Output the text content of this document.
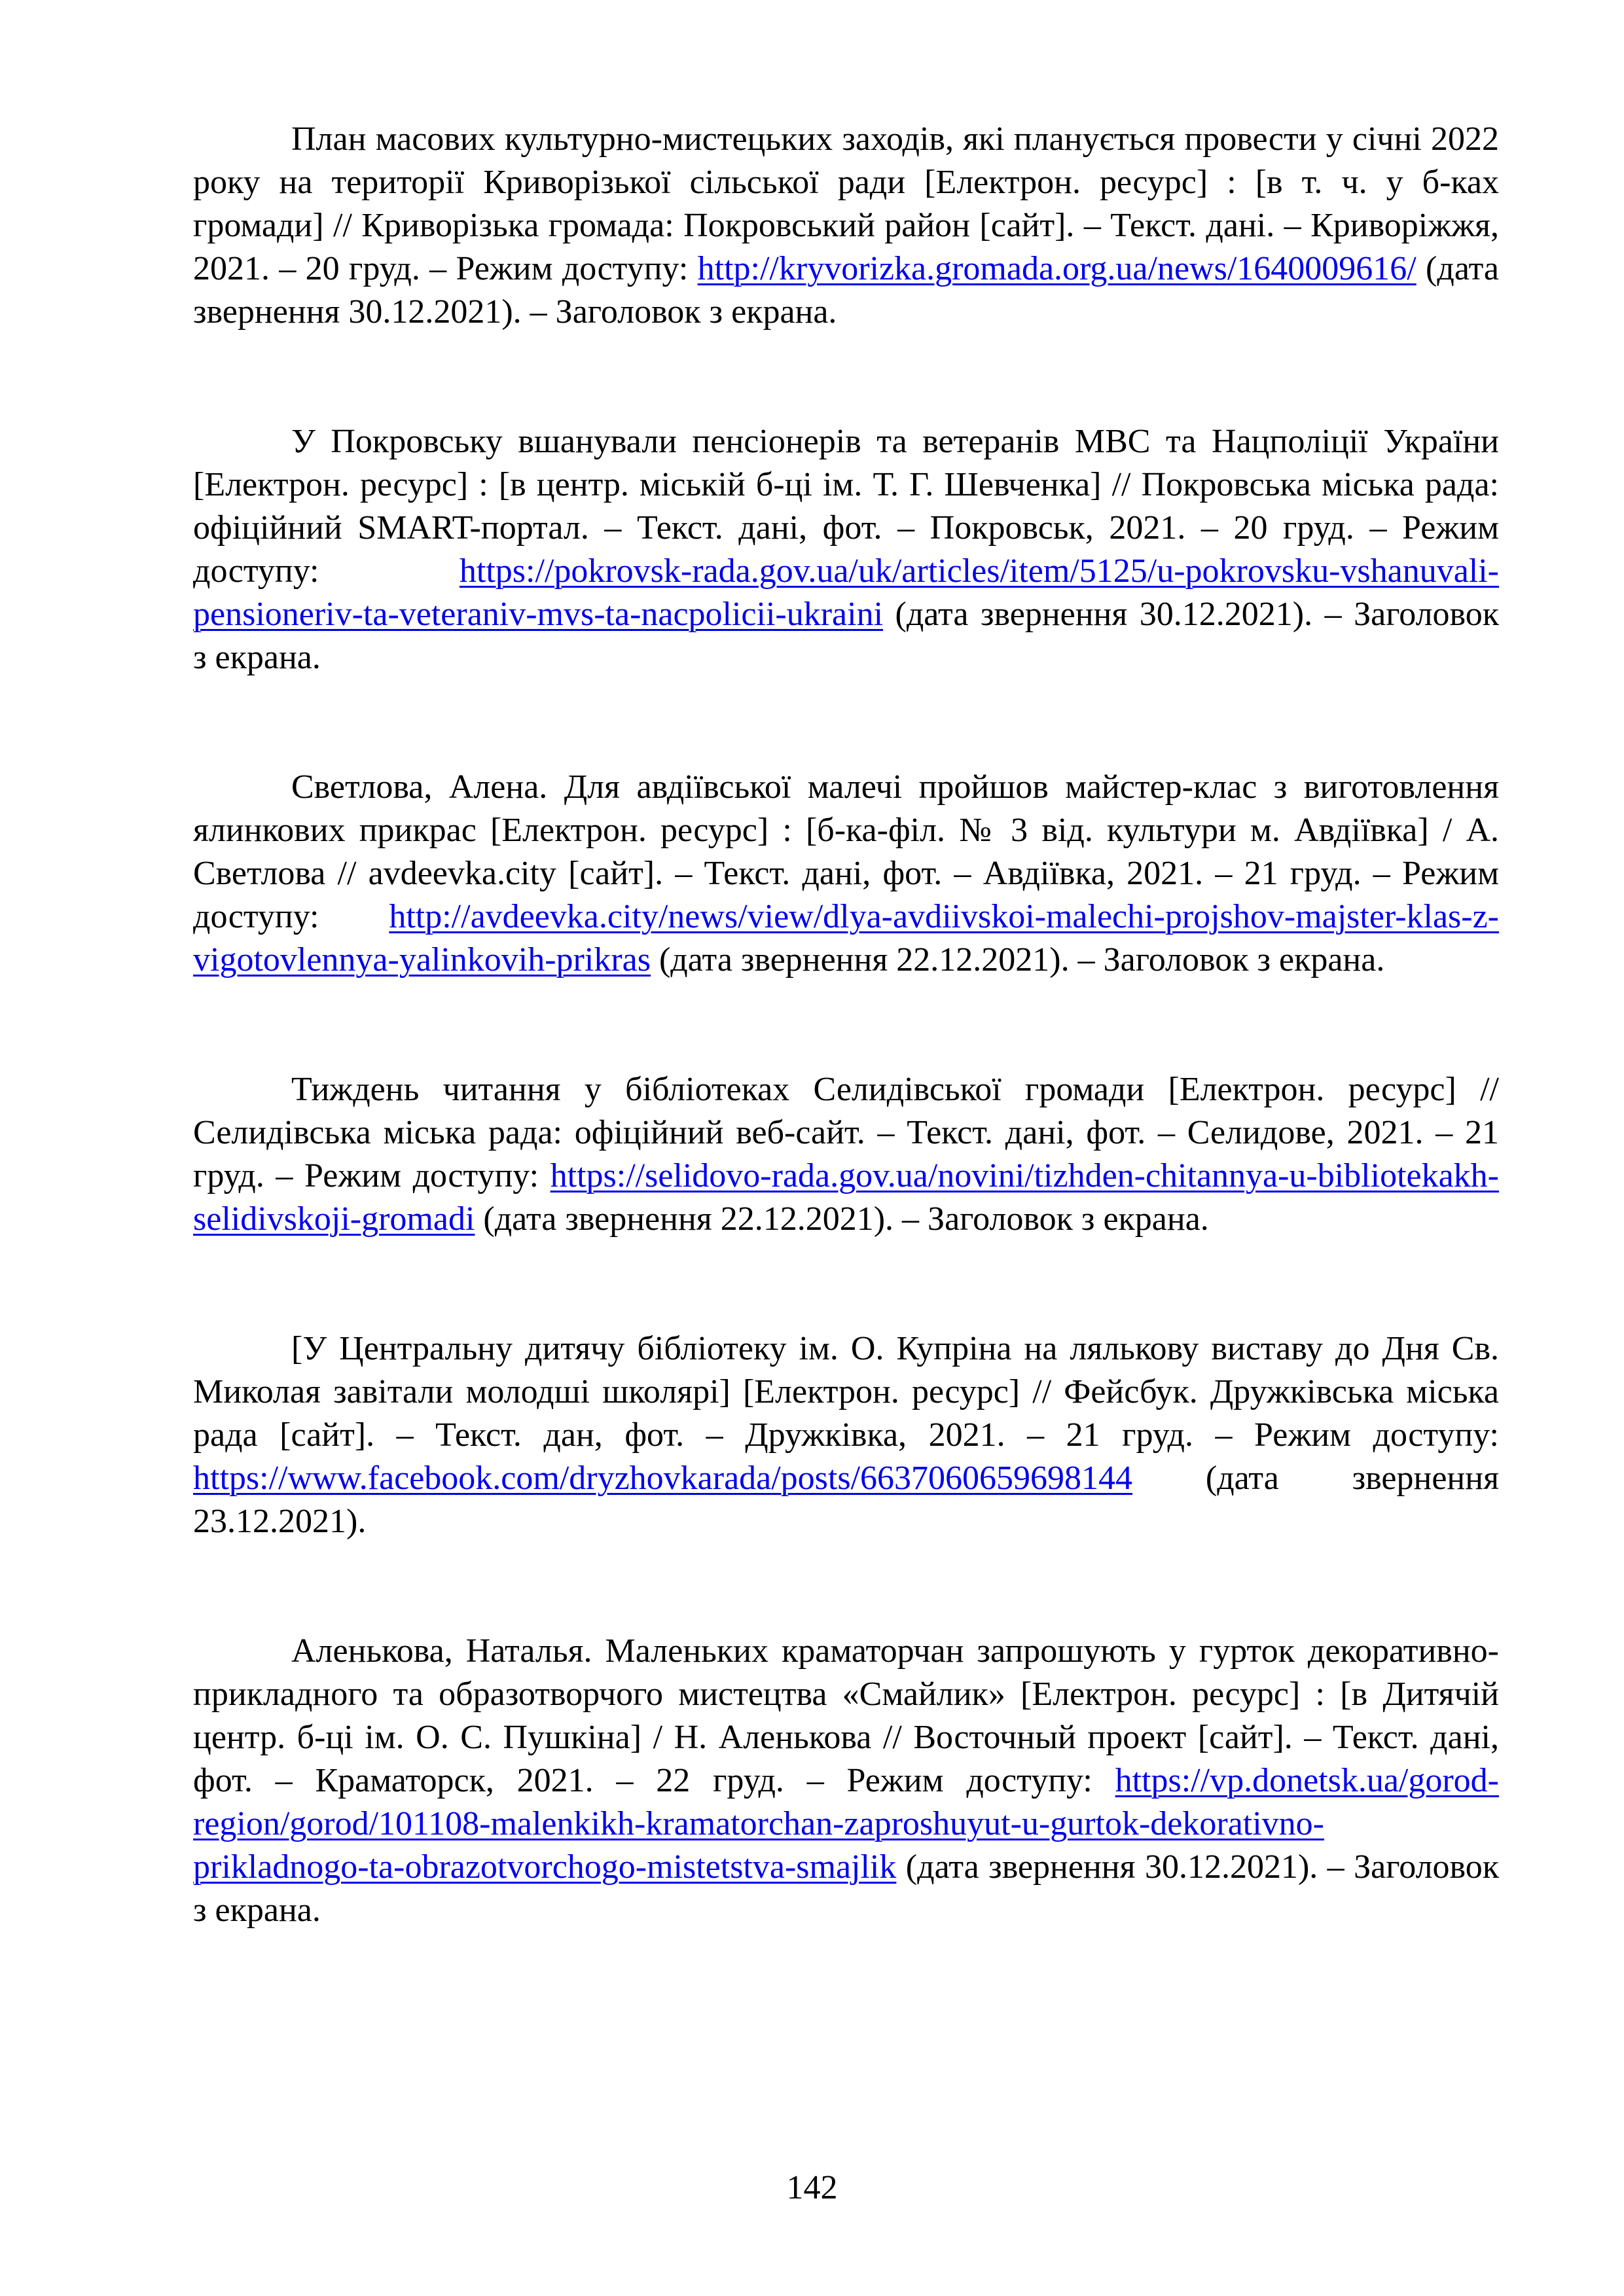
План масових культурно-мистецьких заходів, які планується провести у січні 2022 року на території Криворізької сільської ради [Електрон. ресурс] : [в т. ч. у б-ках громади] // Криворізька громада: Покровський район [сайт]. – Текст. дані. – Криворіжжя, 2021. – 20 груд. – Режим доступу: http://kryvorizka.gromada.org.ua/news/1640009616/ (дата звернення 30.12.2021). – Заголовок з екрана.

У Покровську вшанували пенсіонерів та ветеранів МВС та Нацполіції України [Електрон. ресурс] : [в центр. міській б-ці ім. Т. Г. Шевченка] // Покровська міська рада: офіційний SMART-портал. – Текст. дані, фот. – Покровськ, 2021. – 20 груд. – Режим доступу: https://pokrovsk-rada.gov.ua/uk/articles/item/5125/u-pokrovsku-vshanuvali-pensioneriv-ta-veteraniv-mvs-ta-nacpolicii-ukraini (дата звернення 30.12.2021). – Заголовок з екрана.

Светлова, Алена. Для авдіївської малечі пройшов майстер-клас з виготовлення ялинкових прикрас [Електрон. ресурс] : [б-ка-філ. № 3 від. культури м. Авдіївка] / А. Светлова // avdeevka.city [сайт]. – Текст. дані, фот. – Авдіївка, 2021. – 21 груд. – Режим доступу: http://avdeevka.city/news/view/dlya-avdiivskoi-malechi-projshov-majster-klas-z-vigotovlennya-yalinkovih-prikras (дата звернення 22.12.2021). – Заголовок з екрана.

Тиждень читання у бібліотеках Селидівської громади [Електрон. ресурс] // Селидівська міська рада: офіційний веб-сайт. – Текст. дані, фот. – Селидове, 2021. – 21 груд. – Режим доступу: https://selidovo-rada.gov.ua/novini/tizhden-chitannya-u-bibliotekakh-selidivskoji-gromadi (дата звернення 22.12.2021). – Заголовок з екрана.

[У Центральну дитячу бібліотеку ім. О. Купріна на лялькову виставу до Дня Св. Миколая завітали молодші школярі] [Електрон. ресурс] // Фейсбук. Дружківська міська рада [сайт]. – Текст. дан, фот. – Дружківка, 2021. – 21 груд. – Режим доступу: https://www.facebook.com/dryzhovkarada/posts/6637060659698144 (дата звернення 23.12.2021).

Аленькова, Наталья. Маленьких краматорчан запрошують у гурток декоративно-прикладного та образотворчого мистецтва «Смайлик» [Електрон. ресурс] : [в Дитячій центр. б-ці ім. О. С. Пушкіна] / Н. Аленькова // Восточный проект [сайт]. – Текст. дані, фот. – Краматорск, 2021. – 22 груд. – Режим доступу: https://vp.donetsk.ua/gorod-region/gorod/101108-malenkikh-kramatorchan-zaproshuyut-u-gurtok-dekorativno-prikladnogo-ta-obrazotvorchogo-mistetstva-smajlik (дата звернення 30.12.2021). – Заголовок з екрана.

142
